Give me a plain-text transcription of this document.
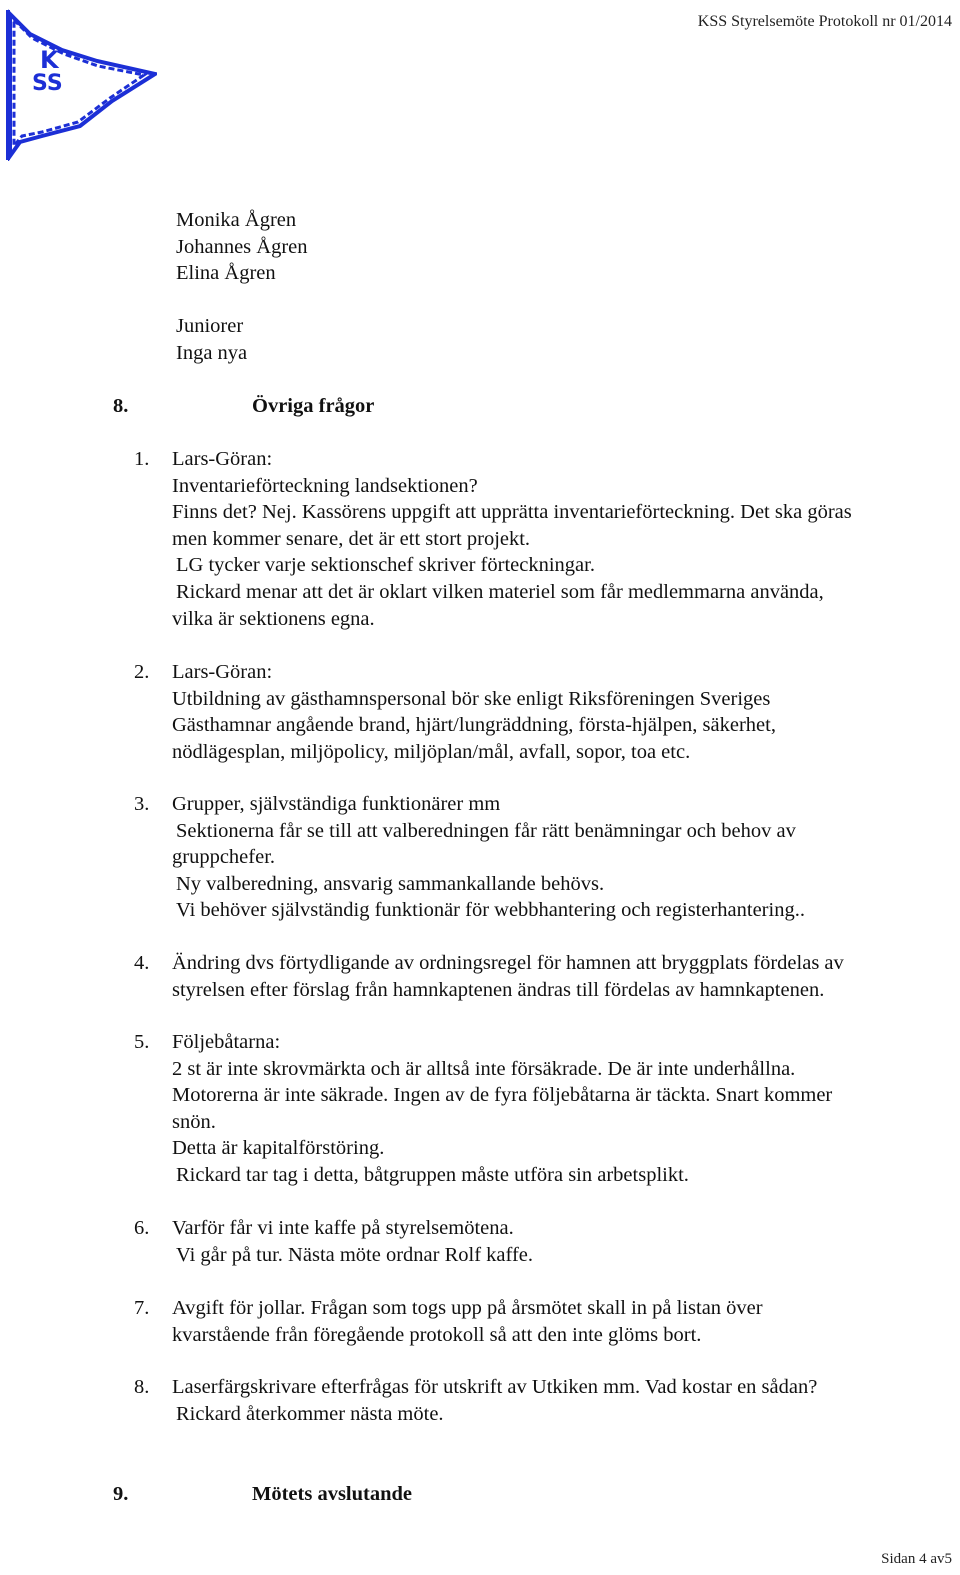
K
SS
KSS Styrelsemöte Protokoll nr 01/2014
Monika Ågren
Johannes Ågren
Elina Ågren
Juniorer
Inga nya
8.	Övriga frågor
1. Lars-Göran:
Inventarieförteckning landsektionen?
Finns det? Nej. Kassörens uppgift att upprätta inventarieförteckning. Det ska göras
men kommer senare, det är ett stort projekt.
LG tycker varje sektionschef skriver förteckningar.
Rickard menar att det är oklart vilken materiel som får medlemmarna använda,
vilka är sektionens egna.
2. Lars-Göran:
Utbildning av gästhamnspersonal bör ske enligt Riksföreningen Sveriges
Gästhamnar angående brand, hjärt/lungräddning, första-hjälpen, säkerhet,
nödlägesplan, miljöpolicy, miljöplan/mål, avfall, sopor, toa etc.
3. Grupper, självständiga funktionärer mm
Sektionerna får se till att valberedningen får rätt benämningar och behov av
gruppchefer.
Ny valberedning, ansvarig sammankallande behövs.
Vi behöver självständig funktionär för webbhantering och registerhantering..
4. Ändring dvs förtydligande av ordningsregel för hamnen att bryggplats fördelas av
styrelsen efter förslag från hamnkaptenen ändras till fördelas av hamnkaptenen.
5. Följebåtarna:
2 st är inte skrovmärkta och är alltså inte försäkrade. De är inte underhållna.
Motorerna är inte säkrade. Ingen av de fyra följebåtarna är täckta. Snart kommer
snön.
Detta är kapitalförstöring.
Rickard tar tag i detta, båtgruppen måste utföra sin arbetsplikt.
6. Varför får vi inte kaffe på styrelsemötena.
Vi går på tur. Nästa möte ordnar Rolf kaffe.
7. Avgift för jollar. Frågan som togs upp på årsmötet skall in på listan över
kvarstående från föregående protokoll så att den inte glöms bort.
8. Laserfärgskrivare efterfrågas för utskrift av Utkiken mm. Vad kostar en sådan?
Rickard återkommer nästa möte.
9.	Mötets avslutande
Sidan 4 av5
